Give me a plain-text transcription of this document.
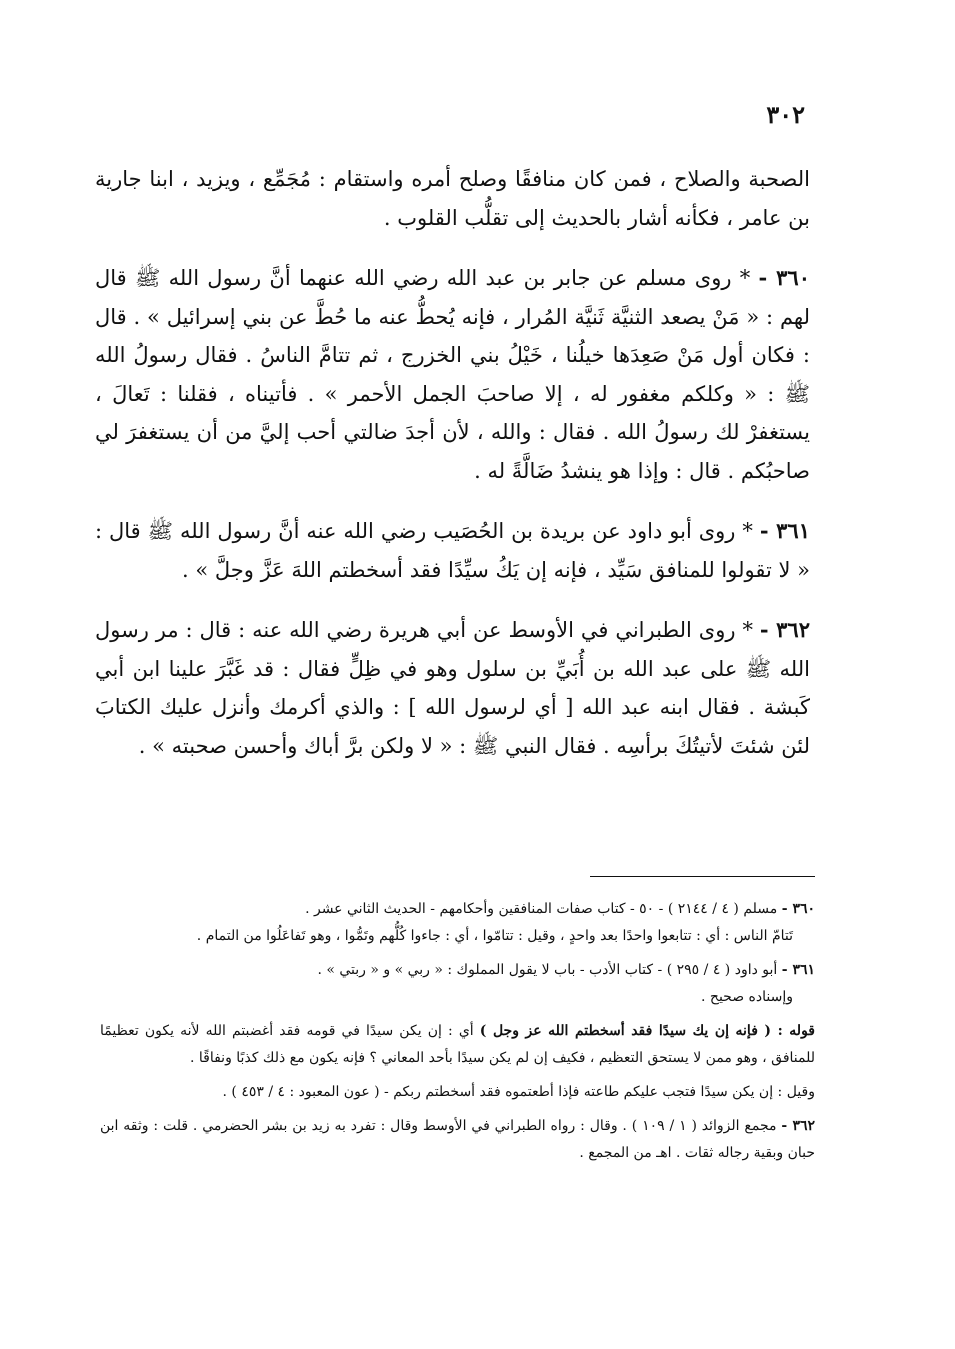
٣٠٢

الصحبة والصلاح ، فمن كان منافقًا وصلح أمره واستقام : مُجَمِّع ، ويزيد ، ابنا جارية بن عامر ، فكأنه أشار بالحديث إلى تقلُّب القلوب .

٣٦٠ - * روى مسلم عن جابر بن عبد الله رضي الله عنهما أنَّ رسول الله ﷺ قال لهم : « مَنْ يصعد الثنيَّة ثَنيَّة المُرار ، فإنه يُحطُّ عنه ما حُطَّ عن بني إسرائيل » . قال : فكان أول مَنْ صَعِدَها خيلُنا ، خَيْلُ بني الخزرج ، ثم تتامَّ الناسُ . فقال رسولُ الله ﷺ : « وكلكم مغفور له ، إلا صاحبَ الجمل الأحمر » . فأتيناه ، فقلنا : تَعالَ ، يستغفرْ لك رسولُ الله . فقال : والله ، لأن أجدَ ضالتي أحب إليَّ من أن يستغفرَ لي صاحبُكم . قال : وإذا هو ينشدُ ضَالَّةً له .

٣٦١ - * روى أبو داود عن بريدة بن الحُصَيب رضي الله عنه أنَّ رسول الله ﷺ قال : « لا تقولوا للمنافق سَيِّد ، فإنه إن يَكُ سيِّدًا فقد أسخطتم اللهَ عَزَّ وجلَّ » .

٣٦٢ - * روى الطبراني في الأوسط عن أبي هريرة رضي الله عنه : قال : مر رسول الله ﷺ على عبد الله بن أُبَيِّ بن سلول وهو في ظِلٍّ فقال : قد غَبَّرَ علينا ابن أبي كَبشة . فقال ابنه عبد الله [ أي لرسول الله ] : والذي أكرمك وأنزل عليك الكتابَ لئن شئتَ لأتيتُكَ برأسِه . فقال النبي ﷺ : « لا ولكن برَّ أباك وأحسن صحبته » .

٣٦٠ - مسلم ( ٤ / ٢١٤٤ ) - ٥٠ - كتاب صفات المنافقين وأحكامهم - الحديث الثاني عشر .

تَتامّ الناس : أي : تتابعوا واحدًا بعد واحدٍ ، وقيل : تتامّوا ، أي : جاءوا كُلُّهم وتَمُّوا ، وهو تَفاعَلُوا من التمام .

٣٦١ - أبو داود ( ٤ / ٢٩٥ ) - كتاب الأدب - باب لا يقول المملوك : « ربي » و « ربتي » .

وإسناده صحيح .

قوله : ( فإنه إن يك سيدًا فقد أسخطتم الله عز وجل ) أي : إن يكن سيدًا في قومه فقد أغضبتم الله لأنه يكون تعظيمًا للمنافق ، وهو ممن لا يستحق التعظيم ، فكيف إن لم يكن سيدًا بأحد المعاني ؟ فإنه يكون مع ذلك كذبًا ونفاقًا .

وقيل : إن يكن سيدًا فتجب عليكم طاعته فإذا أطعتموه فقد أسخطتم ربكم - ( عون المعبود : ٤ / ٤٥٣ ) .

٣٦٢ - مجمع الزوائد ( ١ / ١٠٩ ) . وقال : رواه الطبراني في الأوسط وقال : تفرد به زيد بن بشر الحضرمي . قلت : وثقه ابن حبان وبقية رجاله ثقات . اهـ من المجمع .
